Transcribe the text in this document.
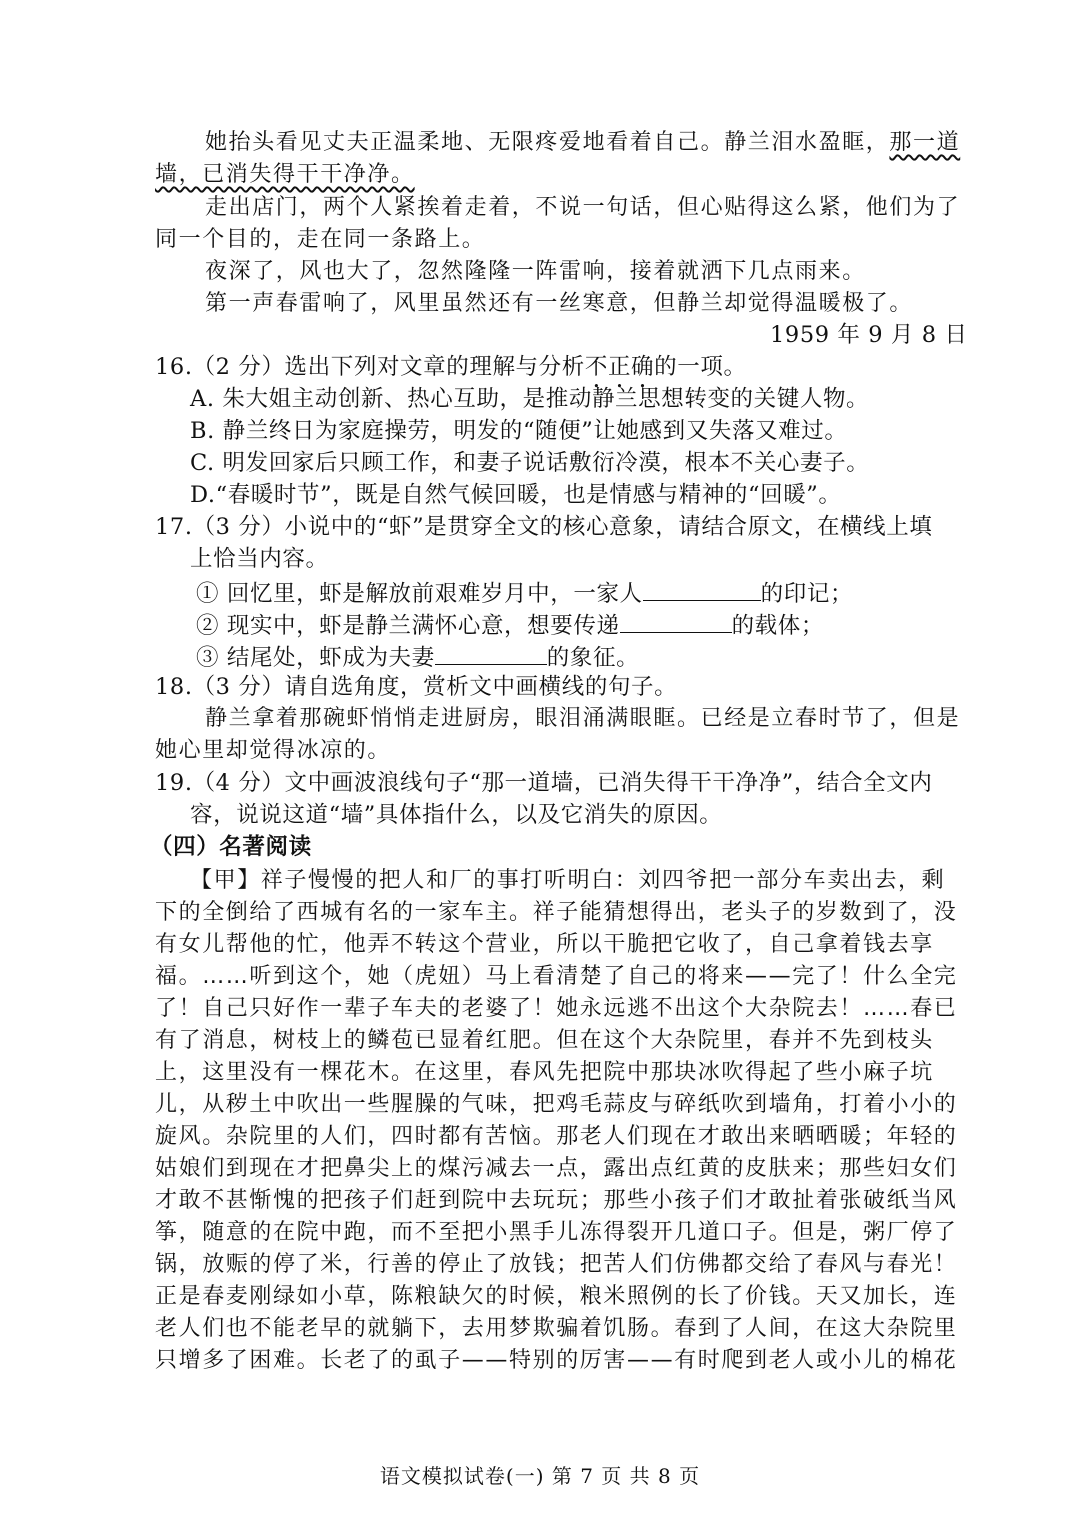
她抬头看见丈夫正温柔地、无限疼爱地看着自己。静兰泪水盈眶，那一道
墙，已消失得干干净净。
走出店门，两个人紧挨着走着，不说一句话，但心贴得这么紧，他们为了
同一个目的，走在同一条路上。
夜深了，风也大了，忽然隆隆一阵雷响，接着就洒下几点雨来。
第一声春雷响了，风里虽然还有一丝寒意，但静兰却觉得温暖极了。
1959 年 9 月 8 日
16.（2 分）选出下列对文章的理解与分析不正确的一项。
A. 朱大姐主动创新、热心互助，是推动静兰思想转变的关键人物。
B. 静兰终日为家庭操劳，明发的“随便”让她感到又失落又难过。
C. 明发回家后只顾工作，和妻子说话敷衍冷漠，根本不关心妻子。
D.“春暖时节”，既是自然气候回暖，也是情感与精神的“回暖”。
17.（3 分）小说中的“虾”是贯穿全文的核心意象，请结合原文，在横线上填
上恰当内容。
① 回忆里，虾是解放前艰难岁月中，一家人	的印记；
② 现实中，虾是静兰满怀心意，想要传递	的载体；
③ 结尾处，虾成为夫妻	的象征。
18.（3 分）请自选角度，赏析文中画横线的句子。
静兰拿着那碗虾悄悄走进厨房，眼泪涌满眼眶。已经是立春时节了，但是
她心里却觉得冰凉的。
19.（4 分）文中画波浪线句子“那一道墙，已消失得干干净净”，结合全文内
容，说说这道“墙”具体指什么，以及它消失的原因。
（四）名著阅读
【甲】祥子慢慢的把人和厂的事打听明白：刘四爷把一部分车卖出去，剩
下的全倒给了西城有名的一家车主。祥子能猜想得出，老头子的岁数到了，没
有女儿帮他的忙，他弄不转这个营业，所以干脆把它收了，自己拿着钱去享
福。……听到这个，她（虎妞）马上看清楚了自己的将来——完了！什么全完
了！自己只好作一辈子车夫的老婆了！她永远逃不出这个大杂院去！……春已
有了消息，树枝上的鳞苞已显着红肥。但在这个大杂院里，春并不先到枝头
上，这里没有一棵花木。在这里，春风先把院中那块冰吹得起了些小麻子坑
儿，从秽土中吹出一些腥臊的气味，把鸡毛蒜皮与碎纸吹到墙角，打着小小的
旋风。杂院里的人们，四时都有苦恼。那老人们现在才敢出来晒晒暖；年轻的
姑娘们到现在才把鼻尖上的煤污减去一点，露出点红黄的皮肤来；那些妇女们
才敢不甚惭愧的把孩子们赶到院中去玩玩；那些小孩子们才敢扯着张破纸当风
筝，随意的在院中跑，而不至把小黑手儿冻得裂开几道口子。但是，粥厂停了
锅，放赈的停了米，行善的停止了放钱；把苦人们仿佛都交给了春风与春光！
正是春麦刚绿如小草，陈粮缺欠的时候，粮米照例的长了价钱。天又加长，连
老人们也不能老早的就躺下，去用梦欺骗着饥肠。春到了人间，在这大杂院里
只增多了困难。长老了的虱子——特别的厉害——有时爬到老人或小儿的棉花
语文模拟试卷(一) 第 7 页 共 8 页
